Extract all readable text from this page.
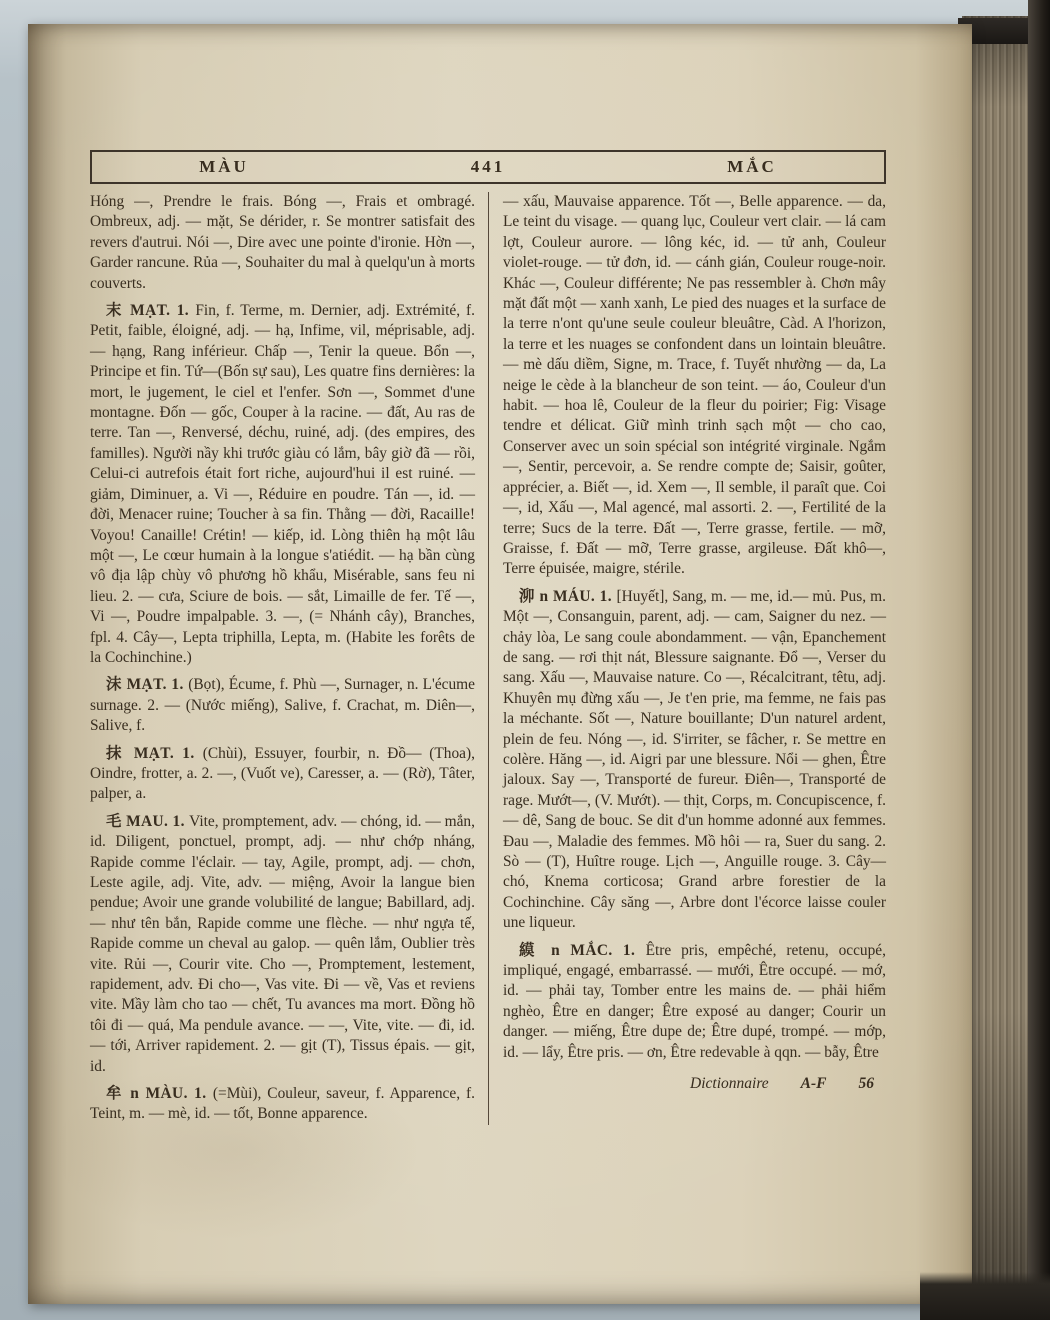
MÀU	441	MẮC

Hóng —, Prendre le frais. Bóng —, Frais et ombragé. Ombreux, adj. — mặt, Se dérider, r. Se montrer satisfait des revers d'autrui. Nói —, Dire avec une pointe d'ironie. Hờn —, Garder rancune. Rủa —, Souhaiter du mal à quelqu'un à morts couverts.

末 MẠT. 1. Fin, f. Terme, m. Dernier, adj. Extrémité, f. Petit, faible, éloigné, adj. — hạ, Infime, vil, méprisable, adj. — hạng, Rang inférieur. Chấp —, Tenir la queue. Bổn —, Principe et fin. Tứ—(Bốn sự sau), Les quatre fins dernières: la mort, le jugement, le ciel et l'enfer. Sơn —, Sommet d'une montagne. Đốn — gốc, Couper à la racine. — đất, Au ras de terre. Tan —, Renversé, déchu, ruiné, adj. (des empires, des familles). Người nầy khi trước giàu có lắm, bây giờ đã — rồi, Celui-ci autrefois était fort riche, aujourd'hui il est ruiné. — giảm, Diminuer, a. Vi —, Réduire en poudre. Tán —, id. — đời, Menacer ruine; Toucher à sa fin. Thằng — đời, Racaille! Voyou! Canaille! Crétin! — kiếp, id. Lòng thiên hạ một lâu một —, Le cœur humain à la longue s'atiédit. — hạ bần cùng vô địa lập chùy vô phương hồ khẩu, Misérable, sans feu ni lieu. 2. — cưa, Sciure de bois. — sắt, Limaille de fer. Tế —, Vi —, Poudre impalpable. 3. —, (= Nhánh cây), Branches, fpl. 4. Cây—, Lepta triphilla, Lepta, m. (Habite les forêts de la Cochinchine.)

沫 MẠT. 1. (Bọt), Écume, f. Phù —, Surnager, n. L'écume surnage. 2. — (Nước miếng), Salive, f. Crachat, m. Diên—, Salive, f.

抹 MẠT. 1. (Chùi), Essuyer, fourbir, n. Đồ— (Thoa), Oindre, frotter, a. 2. —, (Vuốt ve), Caresser, a. — (Rờ), Tâter, palper, a.

毛 MAU. 1. Vite, promptement, adv. — chóng, id. — mắn, id. Diligent, ponctuel, prompt, adj. — như chớp nháng, Rapide comme l'éclair. — tay, Agile, prompt, adj. — chơn, Leste agile, adj. Vite, adv. — miệng, Avoir la langue bien pendue; Avoir une grande volubilité de langue; Babillard, adj. — như tên bắn, Rapide comme une flèche. — như ngựa tế, Rapide comme un cheval au galop. — quên lắm, Oublier très vite. Rủi —, Courir vite. Cho —, Promptement, lestement, rapidement, adv. Đi cho—, Vas vite. Đi — về, Vas et reviens vite. Mầy làm cho tao — chết, Tu avances ma mort. Đồng hồ tôi đi — quá, Ma pendule avance. — —, Vite, vite. — đi, id. — tới, Arriver rapidement. 2. — gịt (T), Tissus épais. — gịt, id.

牟 n MÀU. 1. (=Mùi), Couleur, saveur, f. Apparence, f. Teint, m. — mè, id. — tốt, Bonne apparence.

— xấu, Mauvaise apparence. Tốt —, Belle apparence. — da, Le teint du visage. — quang lục, Couleur vert clair. — lá cam lợt, Couleur aurore. — lông kéc, id. — tử anh, Couleur violet-rouge. — tử đơn, id. — cánh gián, Couleur rouge-noir. Khác —, Couleur différente; Ne pas ressembler à. Chơn mây mặt đất một — xanh xanh, Le pied des nuages et la surface de la terre n'ont qu'une seule couleur bleuâtre, Càd. A l'horizon, la terre et les nuages se confondent dans un lointain bleuâtre. — mè dấu diềm, Signe, m. Trace, f. Tuyết nhường — da, La neige le cède à la blancheur de son teint. — áo, Couleur d'un habit. — hoa lê, Couleur de la fleur du poirier; Fig: Visage tendre et délicat. Giữ mình trinh sạch một — cho cao, Conserver avec un soin spécial son intégrité virginale. Ngắm —, Sentir, percevoir, a. Se rendre compte de; Saisir, goûter, apprécier, a. Biết —, id. Xem —, Il semble, il paraît que. Coi —, id, Xấu —, Mal agencé, mal assorti. 2. —, Fertilité de la terre; Sucs de la terre. Đất —, Terre grasse, fertile. — mỡ, Graisse, f. Đất — mỡ, Terre grasse, argileuse. Đất khô—, Terre épuisée, maigre, stérile.

泖 n MÁU. 1. [Huyết], Sang, m. — me, id.— mủ. Pus, m. Một —, Consanguin, parent, adj. — cam, Saigner du nez. — chảy lòa, Le sang coule abondamment. — vận, Epanchement de sang. — rơi thịt nát, Blessure saignante. Đổ —, Verser du sang. Xấu —, Mauvaise nature. Co —, Récalcitrant, têtu, adj. Khuyên mụ đừng xấu —, Je t'en prie, ma femme, ne fais pas la méchante. Sốt —, Nature bouillante; D'un naturel ardent, plein de feu. Nóng —, id. S'irriter, se fâcher, r. Se mettre en colère. Hăng —, id. Aigri par une blessure. Nổi — ghen, Être jaloux. Say —, Transporté de fureur. Điên—, Transporté de rage. Mướt—, (V. Mướt). — thịt, Corps, m. Concupiscence, f. — dê, Sang de bouc. Se dit d'un homme adonné aux femmes. Đau —, Maladie des femmes. Mồ hôi — ra, Suer du sang. 2. Sò — (T), Huître rouge. Lịch —, Anguille rouge. 3. Cây— chó, Knema corticosa; Grand arbre forestier de la Cochinchine. Cây săng —, Arbre dont l'écorce laisse couler une liqueur.

縸 n MẮC. 1. Être pris, empêché, retenu, occupé, impliqué, engagé, embarrassé. — mưới, Être occupé. — mớ, id. — phải tay, Tomber entre les mains de. — phải hiểm nghèo, Être en danger; Être exposé au danger; Courir un danger. — miếng, Être dupe de; Être dupé, trompé. — mớp, id. — lẩy, Être pris. — ơn, Être redevable à qqn. — bẫy, Être

Dictionnaire A-F 56
